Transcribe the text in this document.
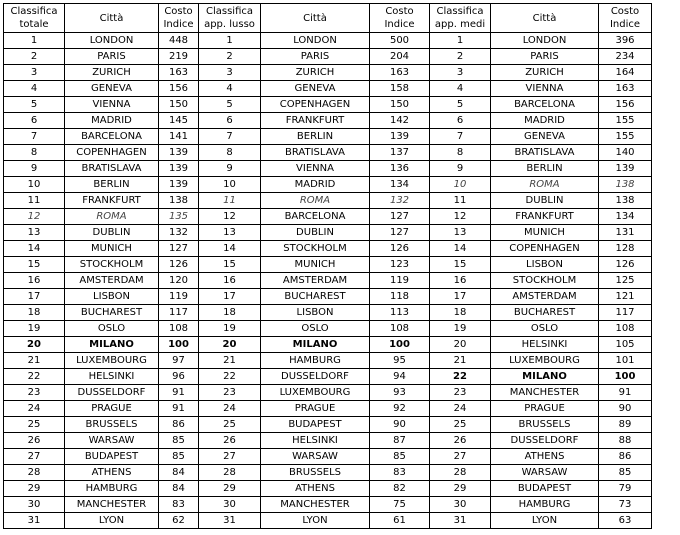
Classifica totale	Città	Costo Indice	Classifica app. lusso	Città	Costo Indice	Classifica app. medi	Città	Costo Indice
1	LONDON	448	1	LONDON	500	1	LONDON	396
2	PARIS	219	2	PARIS	204	2	PARIS	234
3	ZURICH	163	3	ZURICH	163	3	ZURICH	164
4	GENEVA	156	4	GENEVA	158	4	VIENNA	163
5	VIENNA	150	5	COPENHAGEN	150	5	BARCELONA	156
6	MADRID	145	6	FRANKFURT	142	6	MADRID	155
7	BARCELONA	141	7	BERLIN	139	7	GENEVA	155
8	COPENHAGEN	139	8	BRATISLAVA	137	8	BRATISLAVA	140
9	BRATISLAVA	139	9	VIENNA	136	9	BERLIN	139
10	BERLIN	139	10	MADRID	134	10	ROMA	138
11	FRANKFURT	138	11	ROMA	132	11	DUBLIN	138
12	ROMA	135	12	BARCELONA	127	12	FRANKFURT	134
13	DUBLIN	132	13	DUBLIN	127	13	MUNICH	131
14	MUNICH	127	14	STOCKHOLM	126	14	COPENHAGEN	128
15	STOCKHOLM	126	15	MUNICH	123	15	LISBON	126
16	AMSTERDAM	120	16	AMSTERDAM	119	16	STOCKHOLM	125
17	LISBON	119	17	BUCHAREST	118	17	AMSTERDAM	121
18	BUCHAREST	117	18	LISBON	113	18	BUCHAREST	117
19	OSLO	108	19	OSLO	108	19	OSLO	108
20	MILANO	100	20	MILANO	100	20	HELSINKI	105
21	LUXEMBOURG	97	21	HAMBURG	95	21	LUXEMBOURG	101
22	HELSINKI	96	22	DUSSELDORF	94	22	MILANO	100
23	DUSSELDORF	91	23	LUXEMBOURG	93	23	MANCHESTER	91
24	PRAGUE	91	24	PRAGUE	92	24	PRAGUE	90
25	BRUSSELS	86	25	BUDAPEST	90	25	BRUSSELS	89
26	WARSAW	85	26	HELSINKI	87	26	DUSSELDORF	88
27	BUDAPEST	85	27	WARSAW	85	27	ATHENS	86
28	ATHENS	84	28	BRUSSELS	83	28	WARSAW	85
29	HAMBURG	84	29	ATHENS	82	29	BUDAPEST	79
30	MANCHESTER	83	30	MANCHESTER	75	30	HAMBURG	73
31	LYON	62	31	LYON	61	31	LYON	63
